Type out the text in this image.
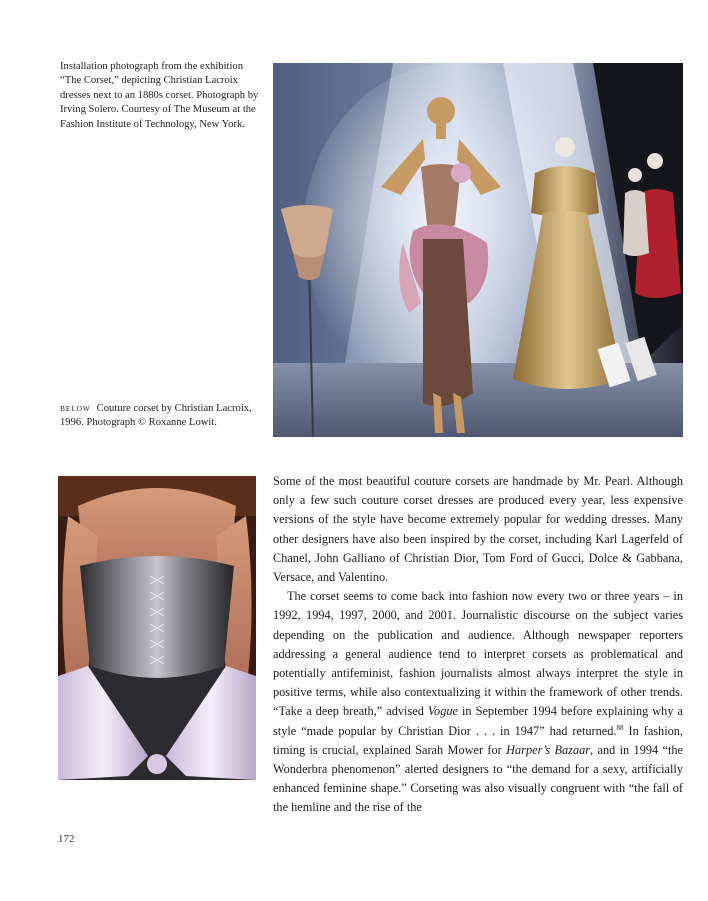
Installation photograph from the exhibition “The Corset,” depicting Christian Lacroix dresses next to an 1880s corset. Photograph by Irving Solero. Courtesy of The Museum at the Fashion Institute of Technology, New York.
BELOW Couture corset by Christian Lacroix, 1996. Photograph © Roxanne Lowit.

Some of the most beautiful couture corsets are handmade by Mr. Pearl. Although only a few such couture corset dresses are produced every year, less expensive versions of the style have become extremely popular for wedding dresses. Many other designers have also been inspired by the corset, including Karl Lagerfeld of Chanel, John Galliano of Christian Dior, Tom Ford of Gucci, Dolce & Gabbana, Versace, and Valentino.

The corset seems to come back into fashion now every two or three years – in 1992, 1994, 1997, 2000, and 2001. Journalistic discourse on the subject varies depending on the publication and audience. Although newspaper reporters addressing a general audience tend to interpret corsets as problematical and potentially antifeminist, fashion journalists almost always interpret the style in positive terms, while also contextualizing it within the framework of other trends. “Take a deep breath,” advised Vogue in September 1994 before explaining why a style “made popular by Christian Dior . . . in 1947” had returned.$^{88}$ In fashion, timing is crucial, explained Sarah Mower for Harper’s Bazaar, and in 1994 “the Wonderbra phenomenon” alerted designers to “the demand for a sexy, artificially enhanced feminine shape.” Corseting was also visually congruent with “the fall of the hemline and the rise of the

172
